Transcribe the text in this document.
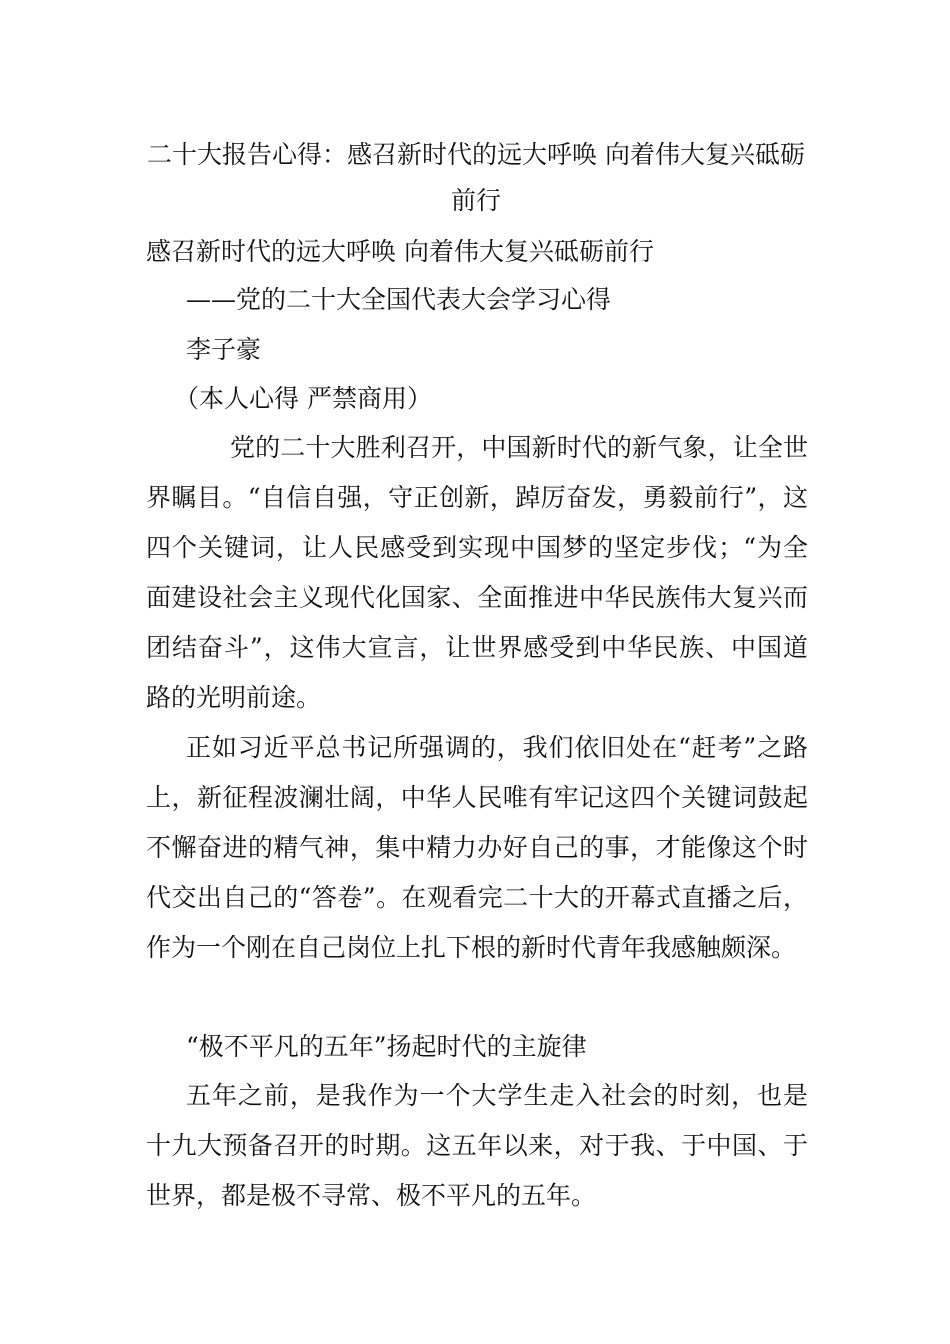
二十大报告心得：感召新时代的远大呼唤 向着伟大复兴砥砺前行
感召新时代的远大呼唤 向着伟大复兴砥砺前行
——党的二十大全国代表大会学习心得
李子豪
（本人心得 严禁商用）
党的二十大胜利召开，中国新时代的新气象，让全世界瞩目。“自信自强，守正创新，踔厉奋发，勇毅前行”，这四个关键词，让人民感受到实现中国梦的坚定步伐；“为全面建设社会主义现代化国家、全面推进中华民族伟大复兴而团结奋斗”，这伟大宣言，让世界感受到中华民族、中国道路的光明前途。
正如习近平总书记所强调的，我们依旧处在“赶考”之路上，新征程波澜壮阔，中华人民唯有牢记这四个关键词鼓起不懈奋进的精气神，集中精力办好自己的事，才能像这个时代交出自己的“答卷”。在观看完二十大的开幕式直播之后，作为一个刚在自己岗位上扎下根的新时代青年我感触颇深。
“极不平凡的五年”扬起时代的主旋律
五年之前，是我作为一个大学生走入社会的时刻，也是十九大预备召开的时期。这五年以来，对于我、于中国、于世界，都是极不寻常、极不平凡的五年。
